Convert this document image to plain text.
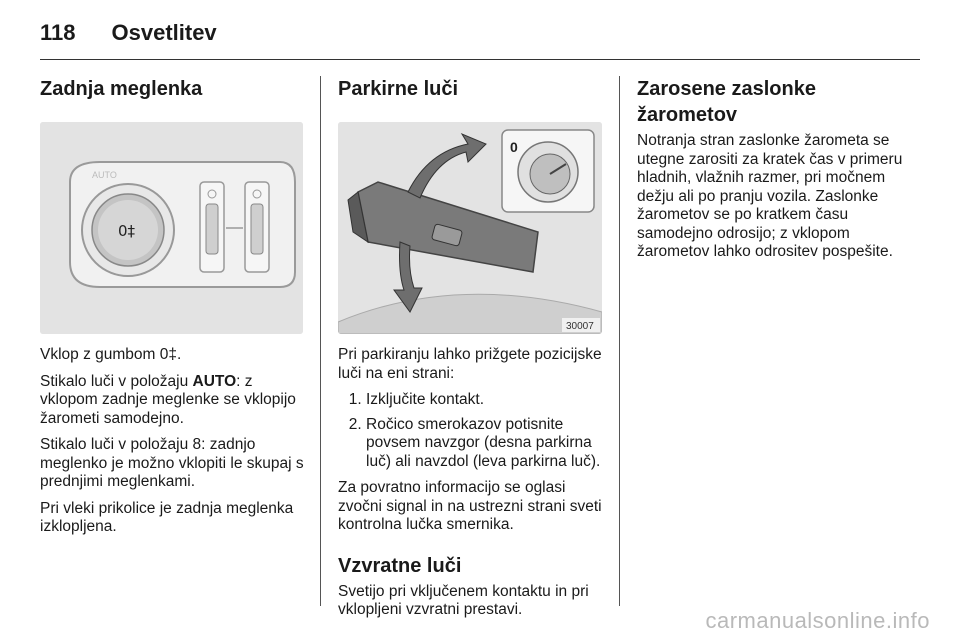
118 Osvetlitev
Zadnja meglenka
0‡
AUTO

Vklop z gumbom 0‡.

Stikalo luči v položaju AUTO: z vklopom zadnje meglenke se vklopijo žarometi samodejno.

Stikalo luči v položaju 8: zadnjo meglenko je možno vklopiti le skupaj s prednjimi meglenkami.

Pri vleki prikolice je zadnja meglenka izklopljena.

Parkirne luči
0
30007

Pri parkiranju lahko prižgete pozicijske luči na eni strani:

1. Izključite kontakt.
2. Ročico smerokazov potisnite povsem navzgor (desna parkirna luč) ali navzdol (leva parkirna luč).

Za povratno informacijo se oglasi zvočni signal in na ustrezni strani sveti kontrolna lučka smernika.

Vzvratne luči

Svetijo pri vključenem kontaktu in pri vklopljeni vzvratni prestavi.

Zarosene zaslonke žarometov

Notranja stran zaslonke žarometa se utegne zarositi za kratek čas v primeru hladnih, vlažnih razmer, pri močnem dežju ali po pranju vozila. Zaslonke žarometov se po kratkem času samodejno odrosijo; z vklopom žarometov lahko odrositev pospešite.

carmanualsonline.info
